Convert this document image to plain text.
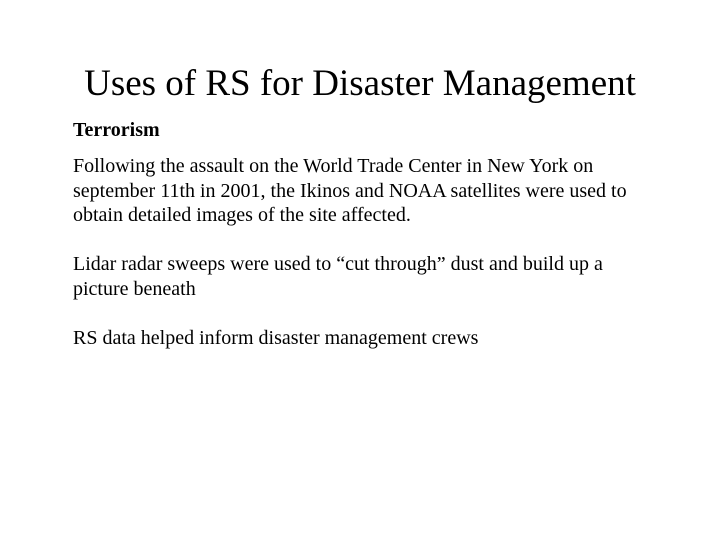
Uses of RS for Disaster Management

Terrorism

Following the assault on the World Trade Center in New York on september 11th in 2001, the Ikinos and NOAA satellites were used to obtain detailed images of the site affected.

Lidar radar sweeps were used to “cut through” dust and build up a picture beneath

RS data helped inform disaster management crews
